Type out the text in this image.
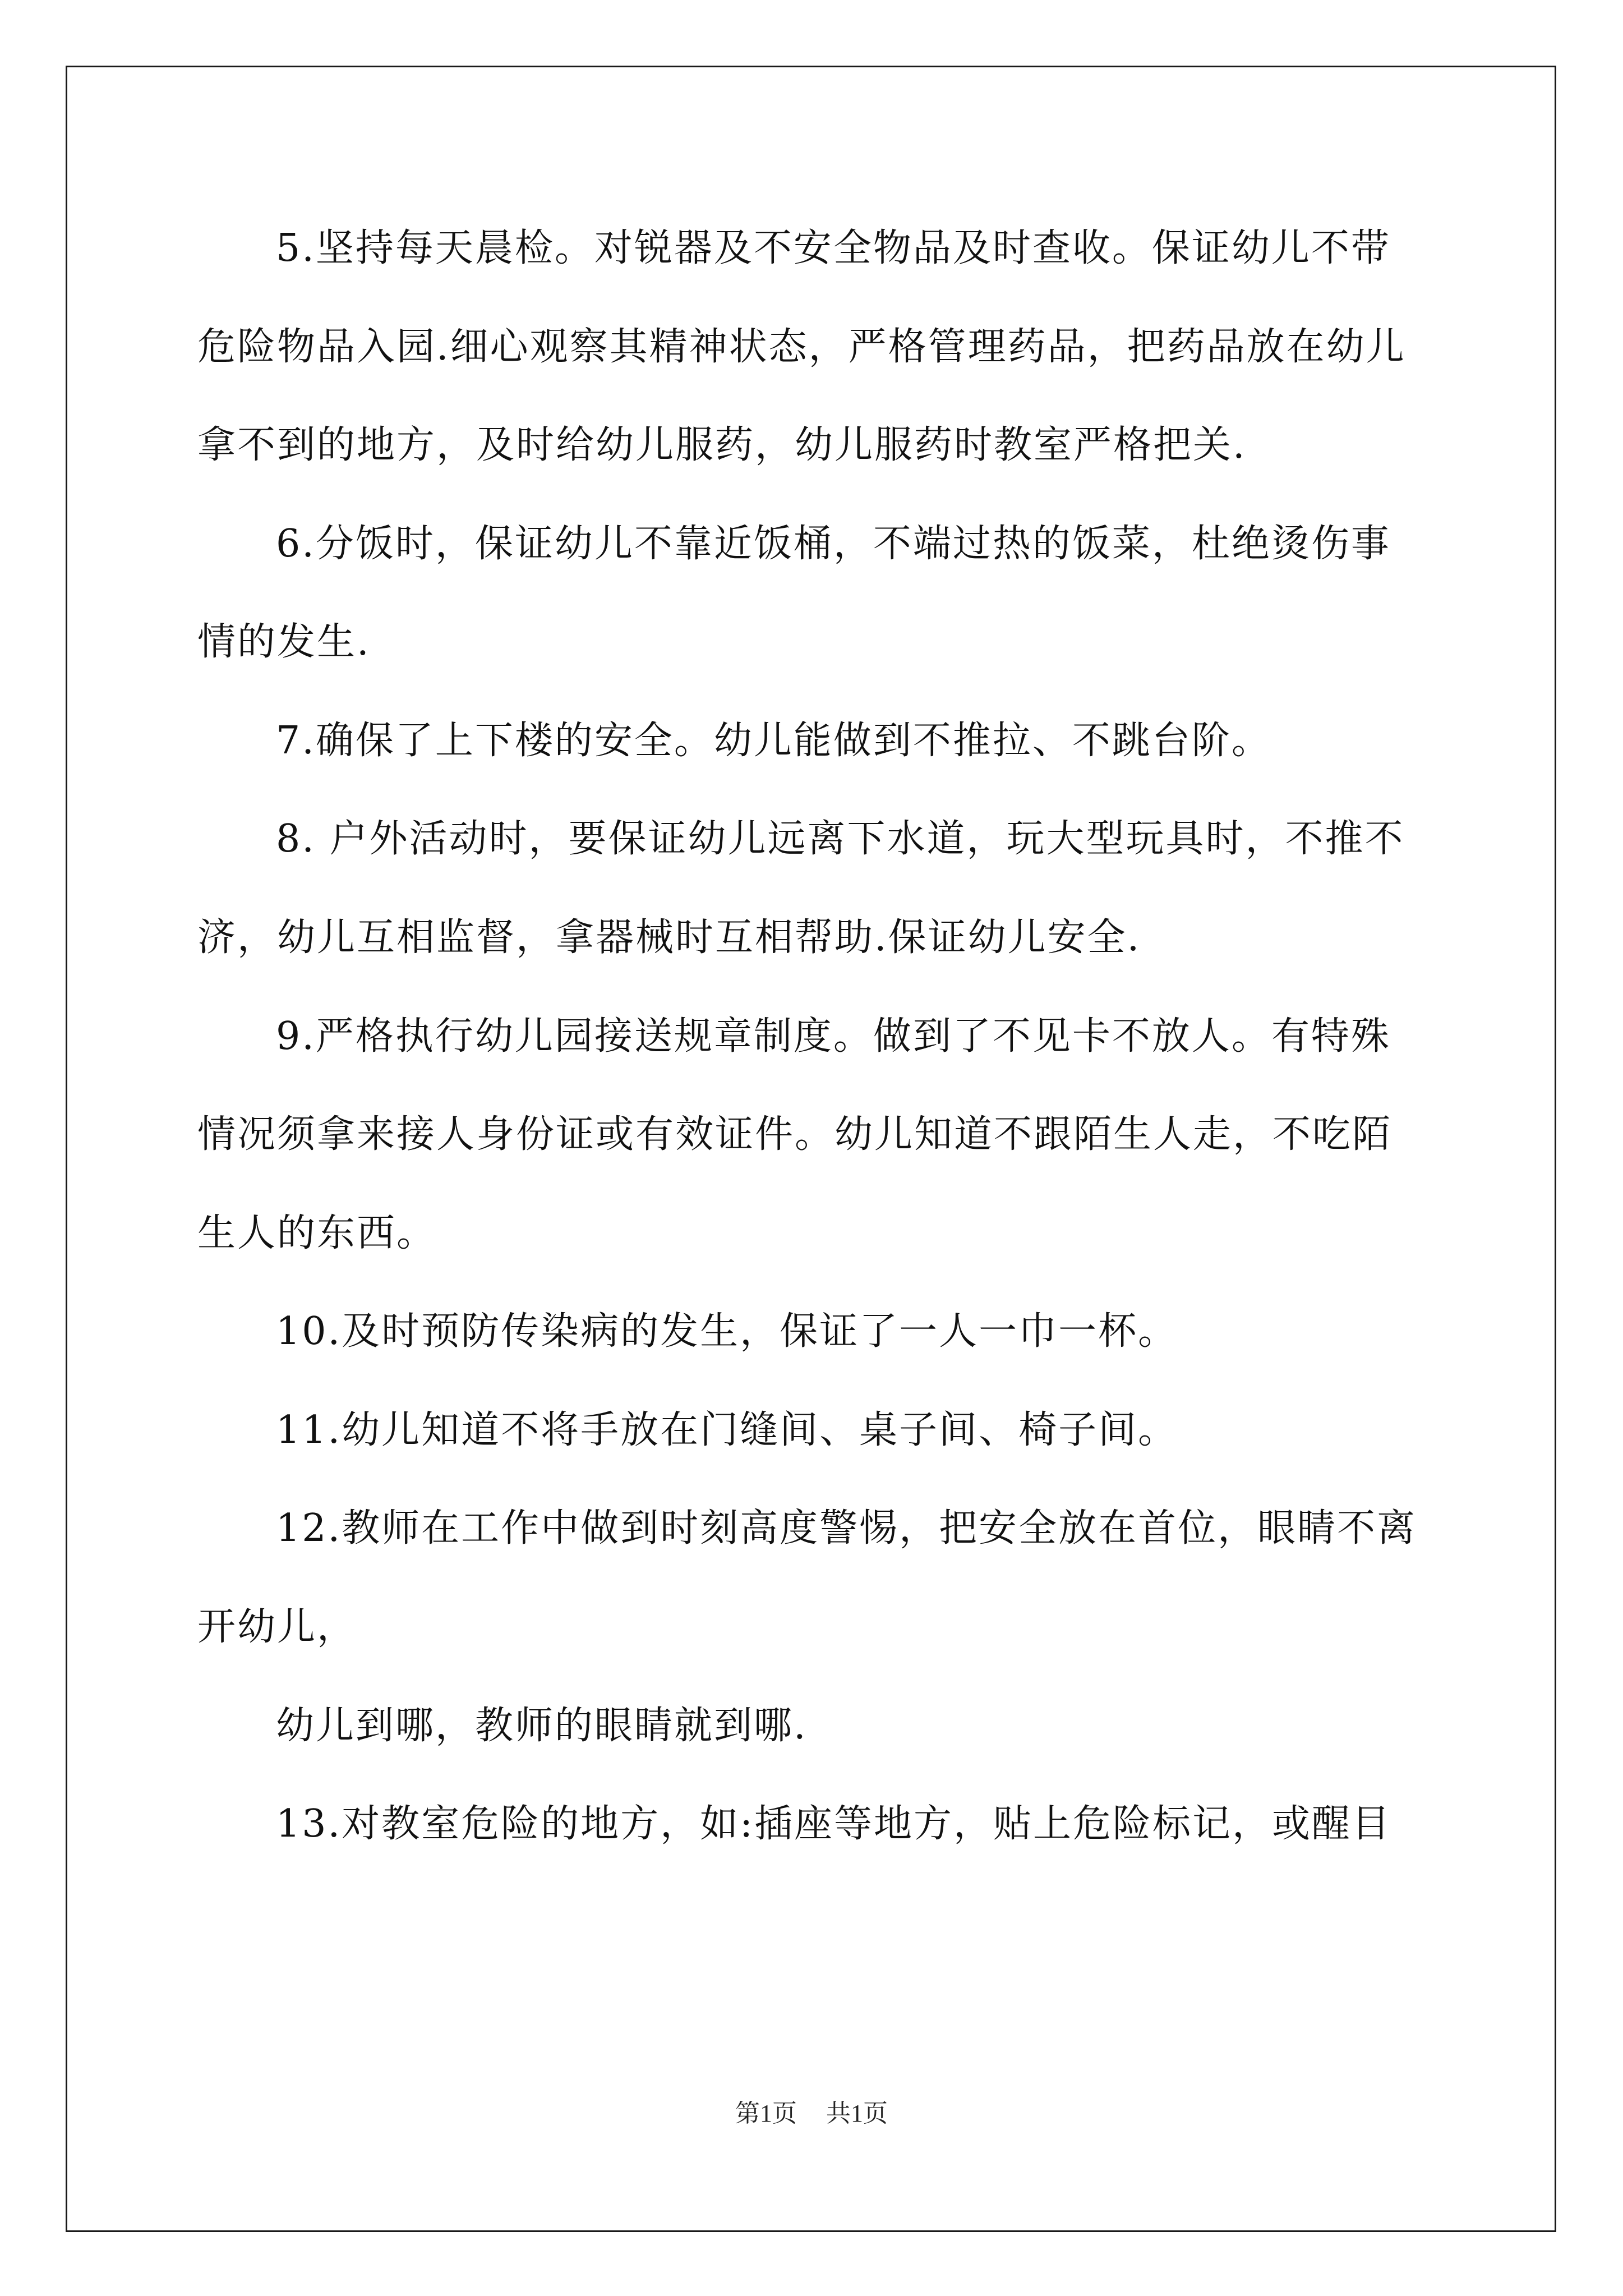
5.坚持每天晨检。对锐器及不安全物品及时查收。保证幼儿不带
危险物品入园.细心观察其精神状态，严格管理药品，把药品放在幼儿
拿不到的地方，及时给幼儿服药，幼儿服药时教室严格把关.
6.分饭时，保证幼儿不靠近饭桶，不端过热的饭菜，杜绝烫伤事
情的发生.
7.确保了上下楼的安全。幼儿能做到不推拉、不跳台阶。
8. 户外活动时，要保证幼儿远离下水道，玩大型玩具时，不推不
济，幼儿互相监督，拿器械时互相帮助.保证幼儿安全.
9.严格执行幼儿园接送规章制度。做到了不见卡不放人。有特殊
情况须拿来接人身份证或有效证件。幼儿知道不跟陌生人走，不吃陌
生人的东西。
10.及时预防传染病的发生，保证了一人一巾一杯。
11.幼儿知道不将手放在门缝间、桌子间、椅子间。
12.教师在工作中做到时刻高度警惕，把安全放在首位，眼睛不离
开幼儿，
幼儿到哪，教师的眼睛就到哪.
13.对教室危险的地方，如:插座等地方，贴上危险标记，或醒目
第1页 共1页
